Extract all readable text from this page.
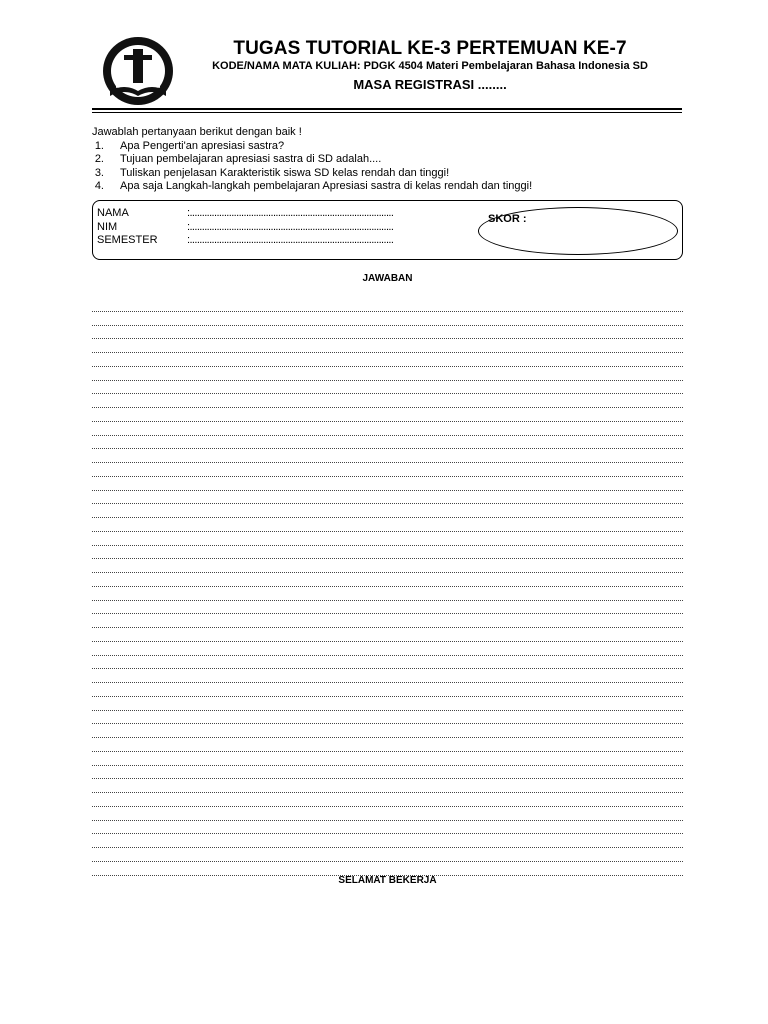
TUGAS TUTORIAL KE-3 PERTEMUAN KE-7
KODE/NAMA MATA KULIAH: PDGK 4504 Materi Pembelajaran Bahasa Indonesia SD
MASA REGISTRASI ........
Jawablah pertanyaan berikut dengan baik !
1. Apa Pengerti'an apresiasi sastra?
2. Tujuan pembelajaran apresiasi sastra di SD adalah....
3. Tuliskan penjelasan Karakteristik siswa SD kelas rendah dan tinggi!
4. Apa saja Langkah-langkah pembelajaran Apresiasi sastra di kelas rendah dan tinggi!
NAMA	:...................................................................................
NIM	:...................................................................................
SEMESTER	:...................................................................................
SKOR :
JAWABAN
SELAMAT BEKERJA
